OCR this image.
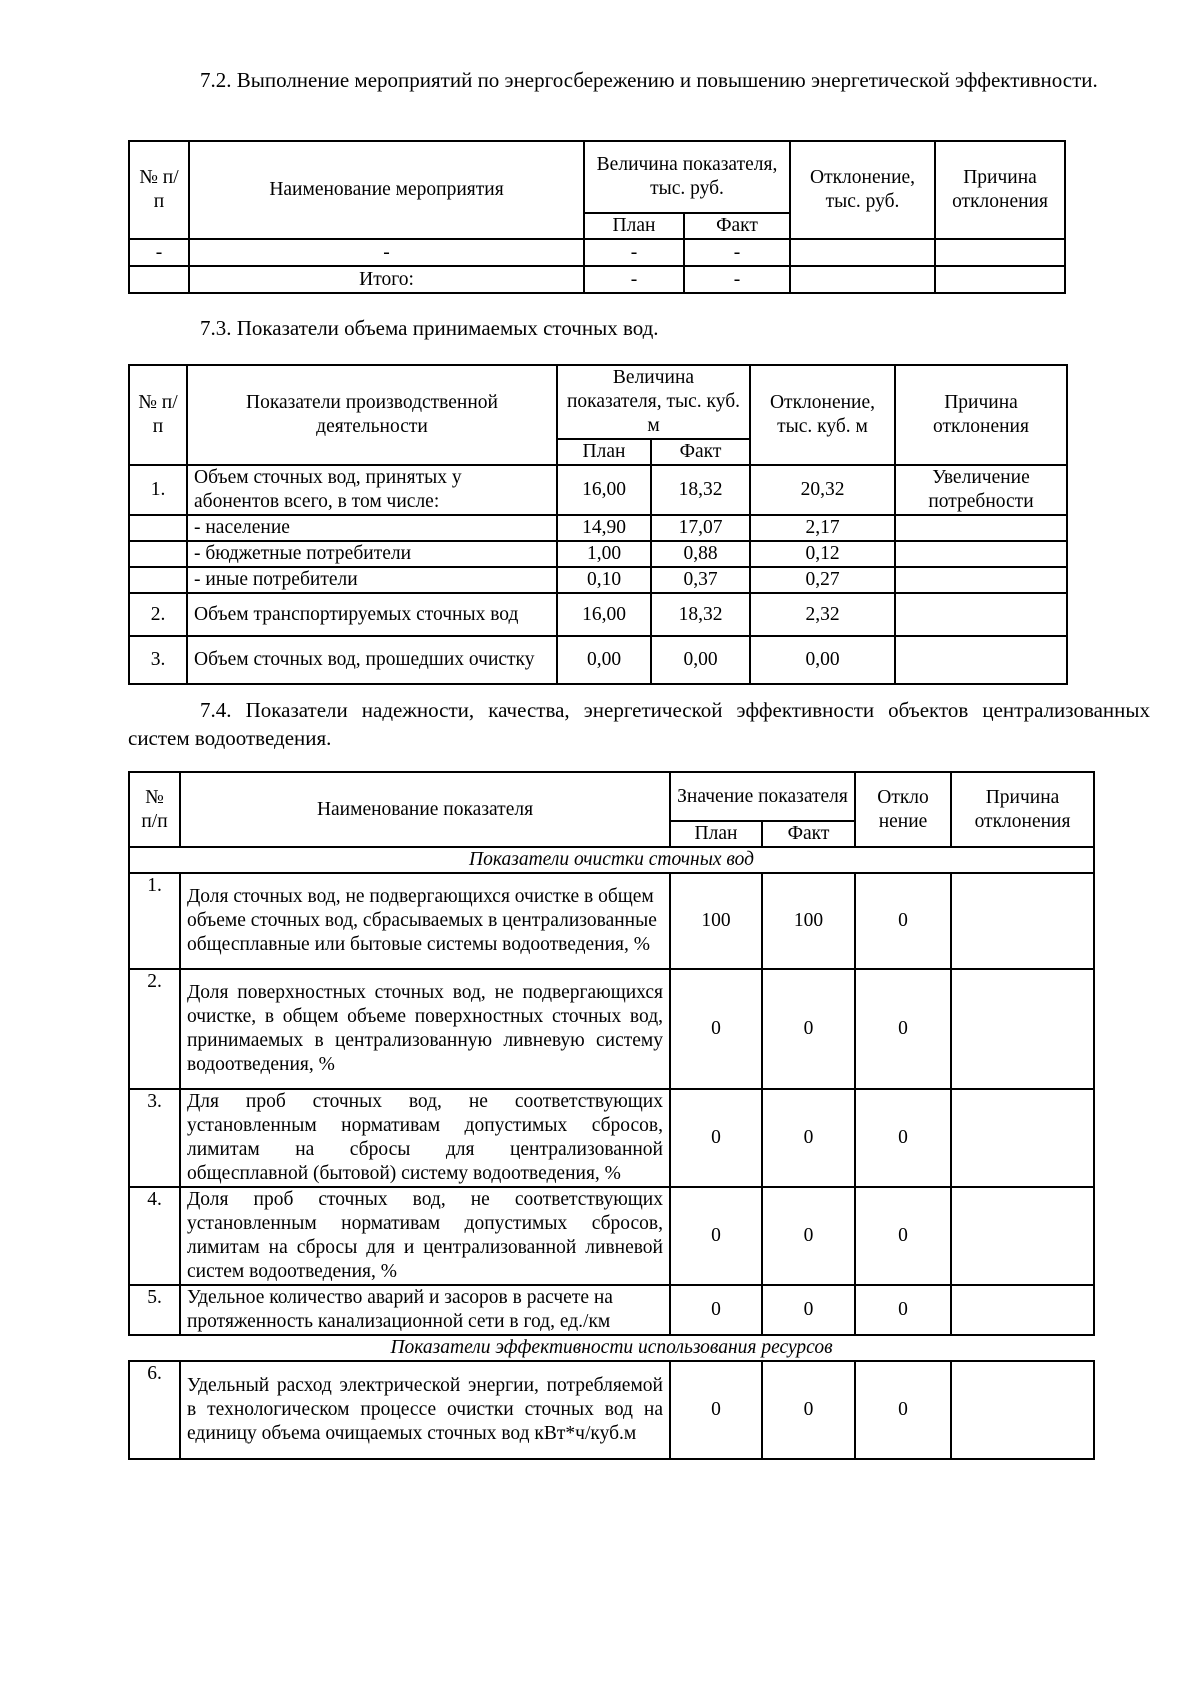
7.2. Выполнение мероприятий по энергосбережению и повышению энергетической эффективности.

№ п/п	Наименование мероприятия	Величина показателя, тыс. руб.		Отклонение, тыс. руб.	Причина отклонения
		План	Факт		
-	-	-	-		
	Итого:	-	-		

7.3. Показатели объема принимаемых сточных вод.

№ п/п	Показатели производственной деятельности	Величина показателя, тыс. куб. м		Отклонение, тыс. куб. м	Причина отклонения
		План	Факт		
1.	Объем сточных вод, принятых у абонентов всего, в том числе:	16,00	18,32	20,32	Увеличение потребности
	- население	14,90	17,07	2,17	
	- бюджетные потребители	1,00	0,88	0,12	
	- иные потребители	0,10	0,37	0,27	
2.	Объем транспортируемых сточных вод	16,00	18,32	2,32	
3.	Объем сточных вод, прошедших очистку	0,00	0,00	0,00	

7.4. Показатели надежности, качества, энергетической эффективности объектов централизованных систем водоотведения.

№ п/п	Наименование показателя	Значение показателя		Откло нение	Причина отклонения
		План	Факт		
Показатели очистки сточных вод					
1.	Доля сточных вод, не подвергающихся очистке в общем объеме сточных вод, сбрасываемых в централизованные общесплавные или бытовые системы водоотведения, %	100	100	0	
2.	Доля поверхностных сточных вод, не подвергающихся очистке, в общем объеме поверхностных сточных вод, принимаемых в централизованную ливневую систему водоотведения, %	0	0	0	
3.	Для проб сточных вод, не соответствующих установленным нормативам допустимых сбросов, лимитам на сбросы для централизованной общесплавной (бытовой) систему водоотведения, %	0	0	0	
4.	Доля проб сточных вод, не соответствующих установленным нормативам допустимых сбросов, лимитам на сбросы для и централизованной ливневой систем водоотведения, %	0	0	0	
5.	Удельное количество аварий и засоров в расчете на протяженность канализационной сети в год, ед./км	0	0	0	
Показатели эффективности использования ресурсов					
6.	Удельный расход электрической энергии, потребляемой в технологическом процессе очистки сточных вод на единицу объема очищаемых сточных вод кВт*ч/куб.м	0	0	0	
